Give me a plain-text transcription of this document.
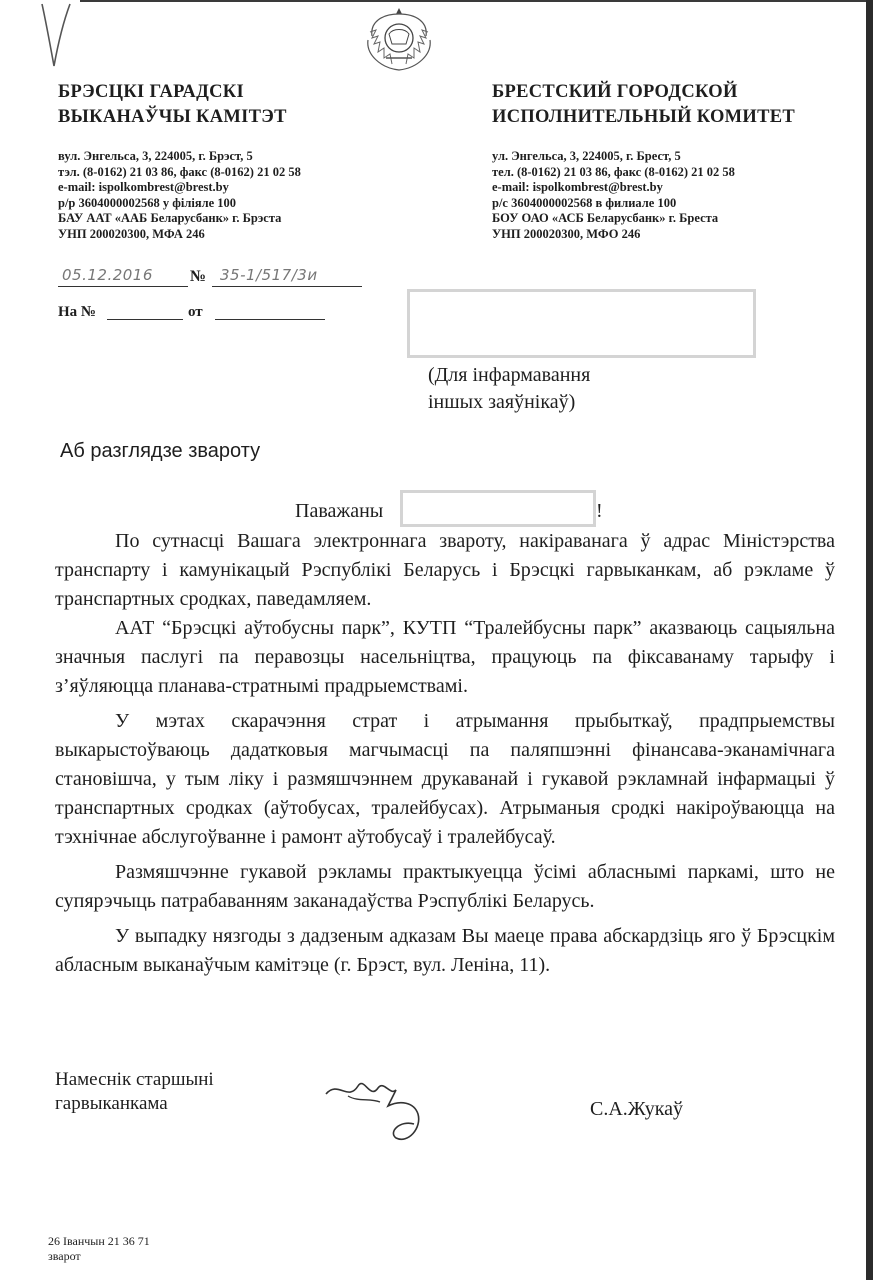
БРЭСЦКІ ГАРАДСКІ
ВЫКАНАЎЧЫ КАМІТЭТ
БРЕСТСКИЙ ГОРОДСКОЙ
ИСПОЛНИТЕЛЬНЫЙ КОМИТЕТ
вул. Энгельса, 3, 224005, г. Брэст, 5
тэл. (8-0162) 21 03 86, факс (8-0162) 21 02 58
e-mail: ispolkombrest@brest.by
р/р 3604000002568 у філіяле 100
БАУ ААТ «ААБ Беларусбанк» г. Брэста
УНП 200020300, МФА 246
ул. Энгельса, 3, 224005, г. Брест, 5
тел. (8-0162) 21 03 86, факс (8-0162) 21 02 58
e-mail: ispolkombrest@brest.by
р/с 3604000002568 в филиале 100
БОУ ОАО «АСБ Беларусбанк» г. Бреста
УНП 200020300, МФО 246
05.12.2016 № 35-1/517/3и
На №	от
(Для інфармавання
іншых заяўнікаў)
Аб разглядзе звароту
Паважаны	!

По сутнасці Вашага электроннага звароту, накіраванага ў адрас Міністэрства транспарту і камунікацый Рэспублікі Беларусь і Брэсцкі гарвыканкам, аб рэкламе ў транспартных сродках, паведамляем.

ААТ “Брэсцкі аўтобусны парк”, КУТП “Тралейбусны парк” аказваюць сацыяльна значныя паслугі па перавозцы насельніцтва, працуюць па фіксаванаму тарыфу і з’яўляюцца планава-стратнымі прадрыемствамі.

У мэтах скарачэння страт і атрымання прыбыткаў, прадпрыемствы выкарыстоўваюць дадатковыя магчымасці па паляпшэнні фінансава-эканамічнага становішча, у тым ліку і размяшчэннем друкаванай і гукавой рэкламнай інфармацыі ў транспартных сродках (аўтобусах, тралейбусах). Атрыманыя сродкі накіроўваюцца на тэхнічнае абслугоўванне і рамонт аўтобусаў і тралейбусаў.

Размяшчэнне гукавой рэкламы практыкуецца ўсімі абласнымі паркамі, што не супярэчыць патрабаванням заканадаўства Рэспублікі Беларусь.

У выпадку нязгоды з дадзеным адказам Вы маеце права абскардзіць яго ў Брэсцкім абласным выканаўчым камітэце (г. Брэст, вул. Леніна, 11).

Намеснік старшыні
гарвыканкама	С.А.Жукаў
26 Іванчын 21 36 71
зварот
